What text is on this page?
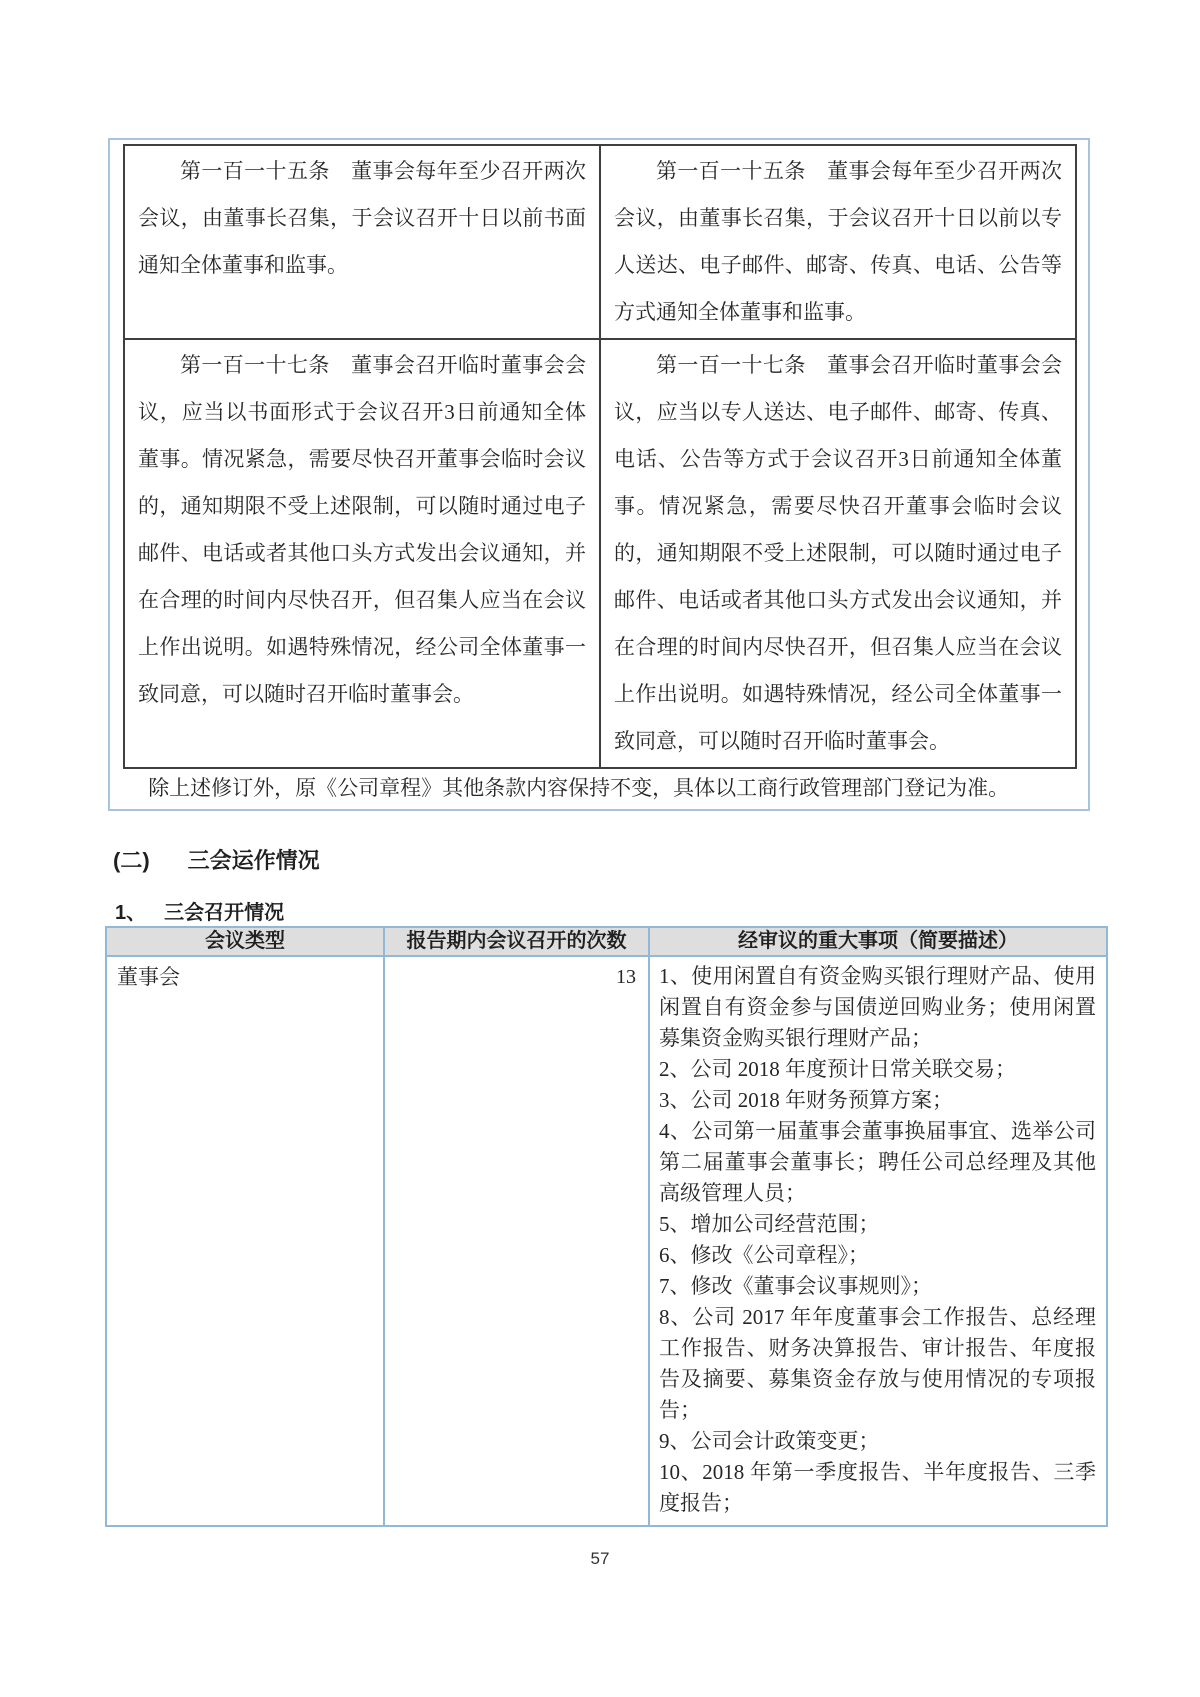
第一百一十五条　董事会每年至少召开两次会议，由董事长召集，于会议召开十日以前书面通知全体董事和监事。	第一百一十五条　董事会每年至少召开两次会议，由董事长召集，于会议召开十日以前以专人送达、电子邮件、邮寄、传真、电话、公告等方式通知全体董事和监事。
第一百一十七条　董事会召开临时董事会会议，应当以书面形式于会议召开3日前通知全体董事。情况紧急，需要尽快召开董事会临时会议的，通知期限不受上述限制，可以随时通过电子邮件、电话或者其他口头方式发出会议通知，并在合理的时间内尽快召开，但召集人应当在会议上作出说明。如遇特殊情况，经公司全体董事一致同意，可以随时召开临时董事会。	第一百一十七条　董事会召开临时董事会会议，应当以专人送达、电子邮件、邮寄、传真、电话、公告等方式于会议召开3日前通知全体董事。情况紧急，需要尽快召开董事会临时会议的，通知期限不受上述限制，可以随时通过电子邮件、电话或者其他口头方式发出会议通知，并在合理的时间内尽快召开，但召集人应当在会议上作出说明。如遇特殊情况，经公司全体董事一致同意，可以随时召开临时董事会。

除上述修订外，原《公司章程》其他条款内容保持不变，具体以工商行政管理部门登记为准。

(二) 三会运作情况
1、 三会召开情况
会议类型	报告期内会议召开的次数	经审议的重大事项（简要描述）
董事会	13	1、使用闲置自有资金购买银行理财产品、使用闲置自有资金参与国债逆回购业务；使用闲置募集资金购买银行理财产品；

2、公司 2018 年度预计日常关联交易；

3、公司 2018 年财务预算方案；

4、公司第一届董事会董事换届事宜、选举公司第二届董事会董事长；聘任公司总经理及其他高级管理人员；

5、增加公司经营范围；

6、修改《公司章程》；

7、修改《董事会议事规则》；

8、公司 2017 年年度董事会工作报告、总经理工作报告、财务决算报告、审计报告、年度报告及摘要、募集资金存放与使用情况的专项报告；

9、公司会计政策变更；

10、2018 年第一季度报告、半年度报告、三季度报告；

57
